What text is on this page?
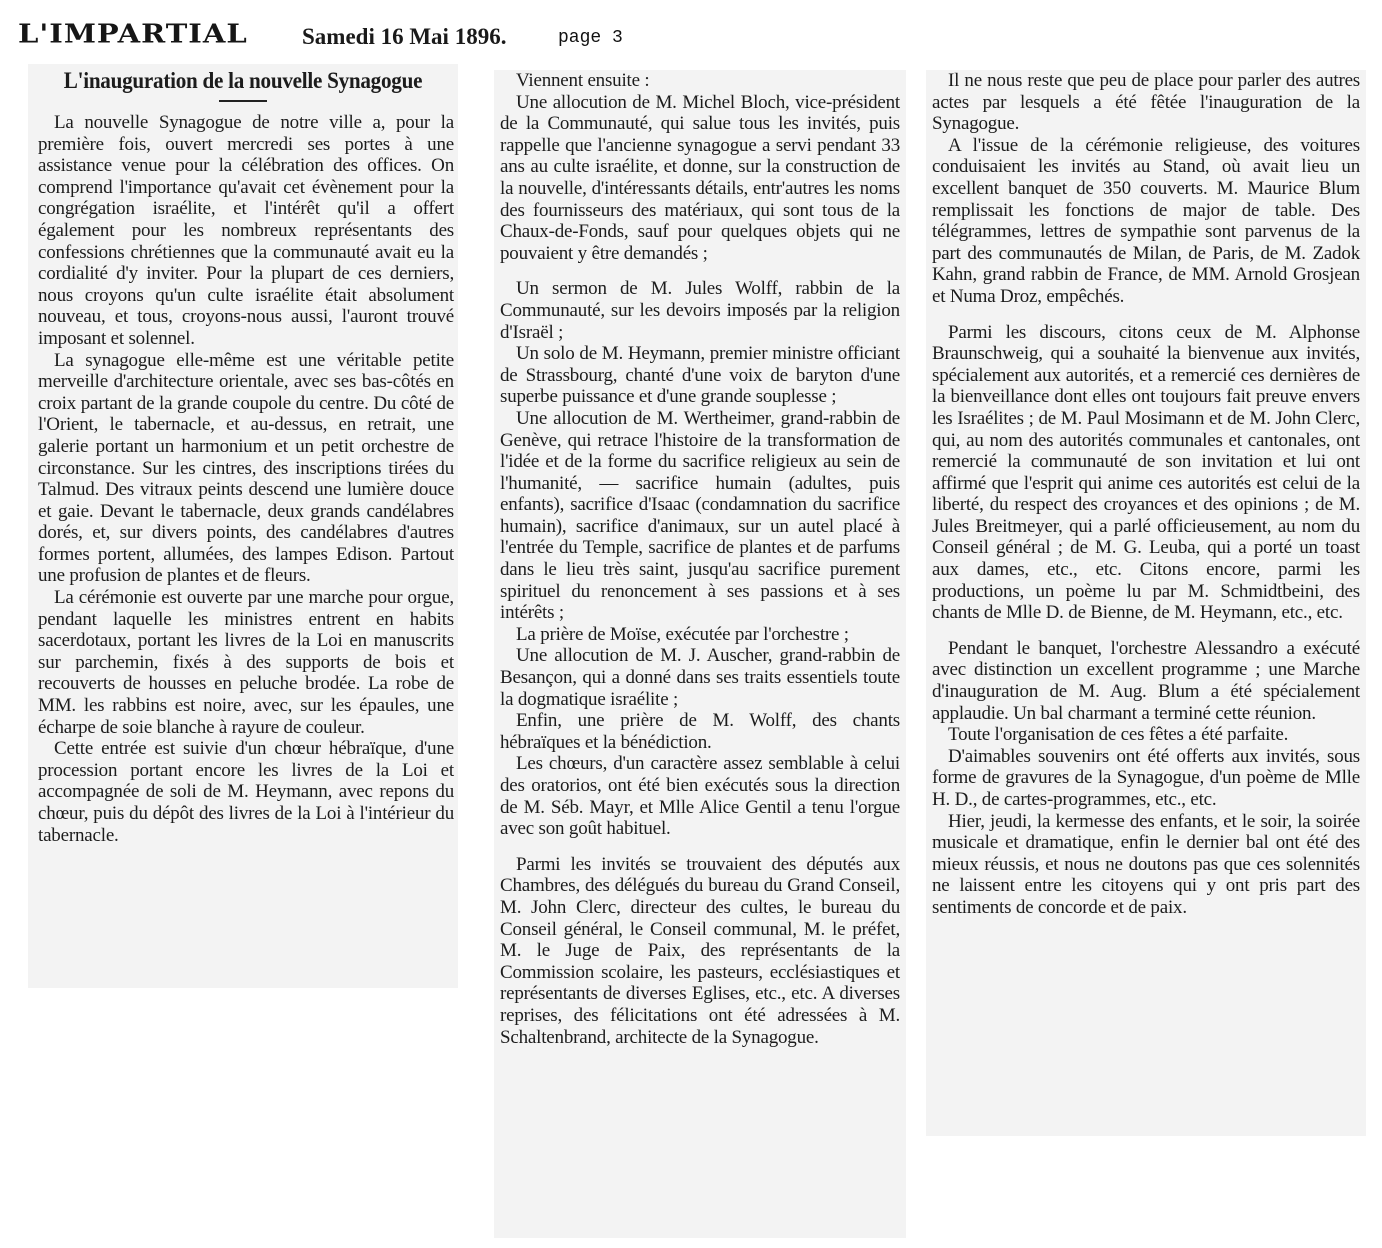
L'IMPARTIAL Samedi 16 Mai 1896.	page 3
L'inauguration de la nouvelle Synagogue

La nouvelle Synagogue de notre ville a, pour la première fois, ouvert mercredi ses portes à une assistance venue pour la célébration des offices. On comprend l'importance qu'avait cet évènement pour la congrégation israélite, et l'intérêt qu'il a offert également pour les nombreux représentants des confessions chrétiennes que la communauté avait eu la cordialité d'y inviter. Pour la plupart de ces derniers, nous croyons qu'un culte israélite était absolument nouveau, et tous, croyons-nous aussi, l'auront trouvé imposant et solennel.

La synagogue elle-même est une véritable petite merveille d'architecture orientale, avec ses bas-côtés en croix partant de la grande coupole du centre. Du côté de l'Orient, le tabernacle, et au-dessus, en retrait, une galerie portant un harmonium et un petit orchestre de circonstance. Sur les cintres, des inscriptions tirées du Talmud. Des vitraux peints descend une lumière douce et gaie. Devant le tabernacle, deux grands candélabres dorés, et, sur divers points, des candélabres d'autres formes portent, allumées, des lampes Edison. Partout une profusion de plantes et de fleurs.

La cérémonie est ouverte par une marche pour orgue, pendant laquelle les ministres entrent en habits sacerdotaux, portant les livres de la Loi en manuscrits sur parchemin, fixés à des supports de bois et recouverts de housses en peluche brodée. La robe de MM. les rabbins est noire, avec, sur les épaules, une écharpe de soie blanche à rayure de couleur.

Cette entrée est suivie d'un chœur hébraïque, d'une procession portant encore les livres de la Loi et accompagnée de soli de M. Heymann, avec repons du chœur, puis du dépôt des livres de la Loi à l'intérieur du tabernacle.

Viennent ensuite :

Une allocution de M. Michel Bloch, vice-président de la Communauté, qui salue tous les invités, puis rappelle que l'ancienne synagogue a servi pendant 33 ans au culte israélite, et donne, sur la construction de la nouvelle, d'intéressants détails, entr'autres les noms des fournisseurs des matériaux, qui sont tous de la Chaux-de-Fonds, sauf pour quelques objets qui ne pouvaient y être demandés ;

Un sermon de M. Jules Wolff, rabbin de la Communauté, sur les devoirs imposés par la religion d'Israël ;

Un solo de M. Heymann, premier ministre officiant de Strassbourg, chanté d'une voix de baryton d'une superbe puissance et d'une grande souplesse ;

Une allocution de M. Wertheimer, grand-rabbin de Genève, qui retrace l'histoire de la transformation de l'idée et de la forme du sacrifice religieux au sein de l'humanité, — sacrifice humain (adultes, puis enfants), sacrifice d'Isaac (condamnation du sacrifice humain), sacrifice d'animaux, sur un autel placé à l'entrée du Temple, sacrifice de plantes et de parfums dans le lieu très saint, jusqu'au sacrifice purement spirituel du renoncement à ses passions et à ses intérêts ;

La prière de Moïse, exécutée par l'orchestre ;

Une allocution de M. J. Auscher, grand-rabbin de Besançon, qui a donné dans ses traits essentiels toute la dogmatique israélite ;

Enfin, une prière de M. Wolff, des chants hébraïques et la bénédiction.

Les chœurs, d'un caractère assez semblable à celui des oratorios, ont été bien exécutés sous la direction de M. Séb. Mayr, et Mlle Alice Gentil a tenu l'orgue avec son goût habituel.

Parmi les invités se trouvaient des députés aux Chambres, des délégués du bureau du Grand Conseil, M. John Clerc, directeur des cultes, le bureau du Conseil général, le Conseil communal, M. le préfet, M. le Juge de Paix, des représentants de la Commission scolaire, les pasteurs, ecclésiastiques et représentants de diverses Eglises, etc., etc. A diverses reprises, des félicitations ont été adressées à M. Schaltenbrand, architecte de la Synagogue.

Il ne nous reste que peu de place pour parler des autres actes par lesquels a été fêtée l'inauguration de la Synagogue.

A l'issue de la cérémonie religieuse, des voitures conduisaient les invités au Stand, où avait lieu un excellent banquet de 350 couverts. M. Maurice Blum remplissait les fonctions de major de table. Des télégrammes, lettres de sympathie sont parvenus de la part des communautés de Milan, de Paris, de M. Zadok Kahn, grand rabbin de France, de MM. Arnold Grosjean et Numa Droz, empêchés.

Parmi les discours, citons ceux de M. Alphonse Braunschweig, qui a souhaité la bienvenue aux invités, spécialement aux autorités, et a remercié ces dernières de la bienveillance dont elles ont toujours fait preuve envers les Israélites ; de M. Paul Mosimann et de M. John Clerc, qui, au nom des autorités communales et cantonales, ont remercié la communauté de son invitation et lui ont affirmé que l'esprit qui anime ces autorités est celui de la liberté, du respect des croyances et des opinions ; de M. Jules Breitmeyer, qui a parlé officieusement, au nom du Conseil général ; de M. G. Leuba, qui a porté un toast aux dames, etc., etc. Citons encore, parmi les productions, un poème lu par M. Schmidtbeini, des chants de Mlle D. de Bienne, de M. Heymann, etc., etc.

Pendant le banquet, l'orchestre Alessandro a exécuté avec distinction un excellent programme ; une Marche d'inauguration de M. Aug. Blum a été spécialement applaudie. Un bal charmant a terminé cette réunion.

Toute l'organisation de ces fêtes a été parfaite.

D'aimables souvenirs ont été offerts aux invités, sous forme de gravures de la Synagogue, d'un poème de Mlle H. D., de cartes-programmes, etc., etc.

Hier, jeudi, la kermesse des enfants, et le soir, la soirée musicale et dramatique, enfin le dernier bal ont été des mieux réussis, et nous ne doutons pas que ces solennités ne laissent entre les citoyens qui y ont pris part des sentiments de concorde et de paix.
